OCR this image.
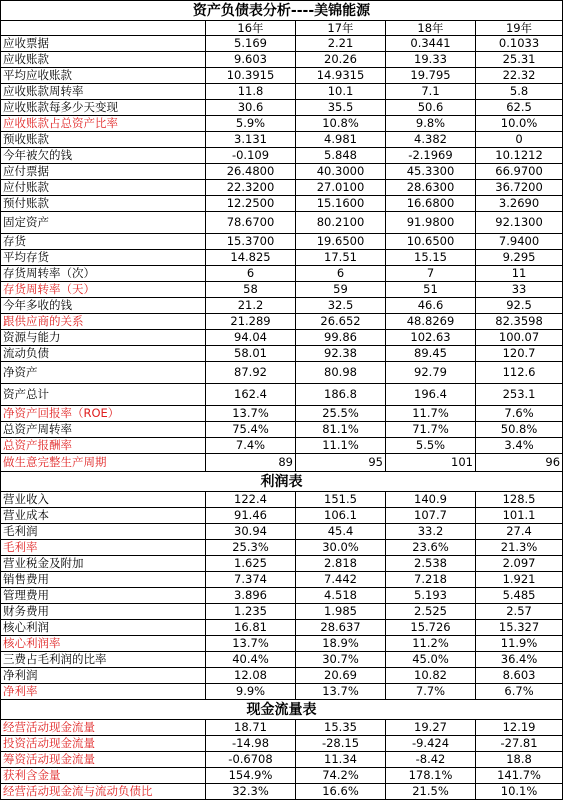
资产负债表分析----美锦能源				
	16年	17年	18年	19年
应收票据	5.169	2.21	0.3441	0.1033
应收账款	9.603	20.26	19.33	25.31
平均应收账款	10.3915	14.9315	19.795	22.32
应收账款周转率	11.8	10.1	7.1	5.8
应收账款每多少天变现	30.6	35.5	50.6	62.5
应收账款占总资产比率	5.9%	10.8%	9.8%	10.0%
预收账款	3.131	4.981	4.382	0
今年被欠的钱	-0.109	5.848	-2.1969	10.1212
应付票据	26.4800	40.3000	45.3300	66.9700
应付账款	22.3200	27.0100	28.6300	36.7200
预付账款	12.2500	15.1600	16.6800	3.2690
固定资产	78.6700	80.2100	91.9800	92.1300
存货	15.3700	19.6500	10.6500	7.9400
平均存货	14.825	17.51	15.15	9.295
存货周转率（次）	6	6	7	11
存货周转率（天）	58	59	51	33
今年多收的钱	21.2	32.5	46.6	92.5
跟供应商的关系	21.289	26.652	48.8269	82.3598
资源与能力	94.04	99.86	102.63	100.07
流动负债	58.01	92.38	89.45	120.7
净资产	87.92	80.98	92.79	112.6
资产总计	162.4	186.8	196.4	253.1
净资产回报率（ROE）	13.7%	25.5%	11.7%	7.6%
总资产周转率	75.4%	81.1%	71.7%	50.8%
总资产报酬率	7.4%	11.1%	5.5%	3.4%
做生意完整生产周期	89	95	101	96
利润表				
营业收入	122.4	151.5	140.9	128.5
营业成本	91.46	106.1	107.7	101.1
毛利润	30.94	45.4	33.2	27.4
毛利率	25.3%	30.0%	23.6%	21.3%
营业税金及附加	1.625	2.818	2.538	2.097
销售费用	7.374	7.442	7.218	1.921
管理费用	3.896	4.518	5.193	5.485
财务费用	1.235	1.985	2.525	2.57
核心利润	16.81	28.637	15.726	15.327
核心利润率	13.7%	18.9%	11.2%	11.9%
三费占毛利润的比率	40.4%	30.7%	45.0%	36.4%
净利润	12.08	20.69	10.82	8.603
净利率	9.9%	13.7%	7.7%	6.7%
现金流量表				
经营活动现金流量	18.71	15.35	19.27	12.19
投资活动现金流量	-14.98	-28.15	-9.424	-27.81
筹资活动现金流量	-0.6708	11.34	-8.42	18.8
获利含金量	154.9%	74.2%	178.1%	141.7%
经营活动现金流与流动负债比	32.3%	16.6%	21.5%	10.1%
